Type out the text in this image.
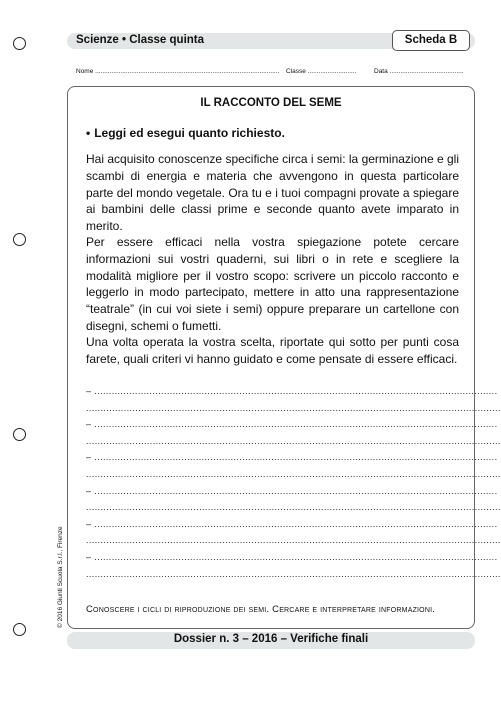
Scienze • Classe quinta	Scheda B
Nome ...................................................................................................... Classe ...........................	Data .........................................
IL RACCONTO DEL SEME
• Leggi ed esegui quanto richiesto.
Hai acquisito conoscenze specifiche circa i semi: la germinazione e gli scambi di energia e materia che avvengono in questa particolare parte del mondo vegetale. Ora tu e i tuoi compagni provate a spiegare ai bambini delle classi prime e seconde quanto avete imparato in merito.
Per essere efficaci nella vostra spiegazione potete cercare informazioni sui vostri quaderni, sui libri o in rete e scegliere la modalità migliore per il vostro scopo: scrivere un piccolo racconto e leggerlo in modo partecipato, mettere in atto una rappresentazione “teatrale” (in cui voi siete i semi) oppure preparare un cartellone con disegni, schemi o fumetti.
Una volta operata la vostra scelta, riportate qui sotto per punti cosa farete, quali criteri vi hanno guidato e come pensate di essere efficaci.
– ...........................................................................................................................................
...............................................................................................................................................
– ...........................................................................................................................................
...............................................................................................................................................
– ...........................................................................................................................................
...............................................................................................................................................
– ...........................................................................................................................................
...............................................................................................................................................
– ...........................................................................................................................................
...............................................................................................................................................
– ...........................................................................................................................................
...............................................................................................................................................
Conoscere i cicli di riproduzione dei semi. Cercare e interpretare informazioni.
Dossier n. 3 – 2016 – Verifiche finali
© 2016 Giunti Scuola S.r.l., Firenze
